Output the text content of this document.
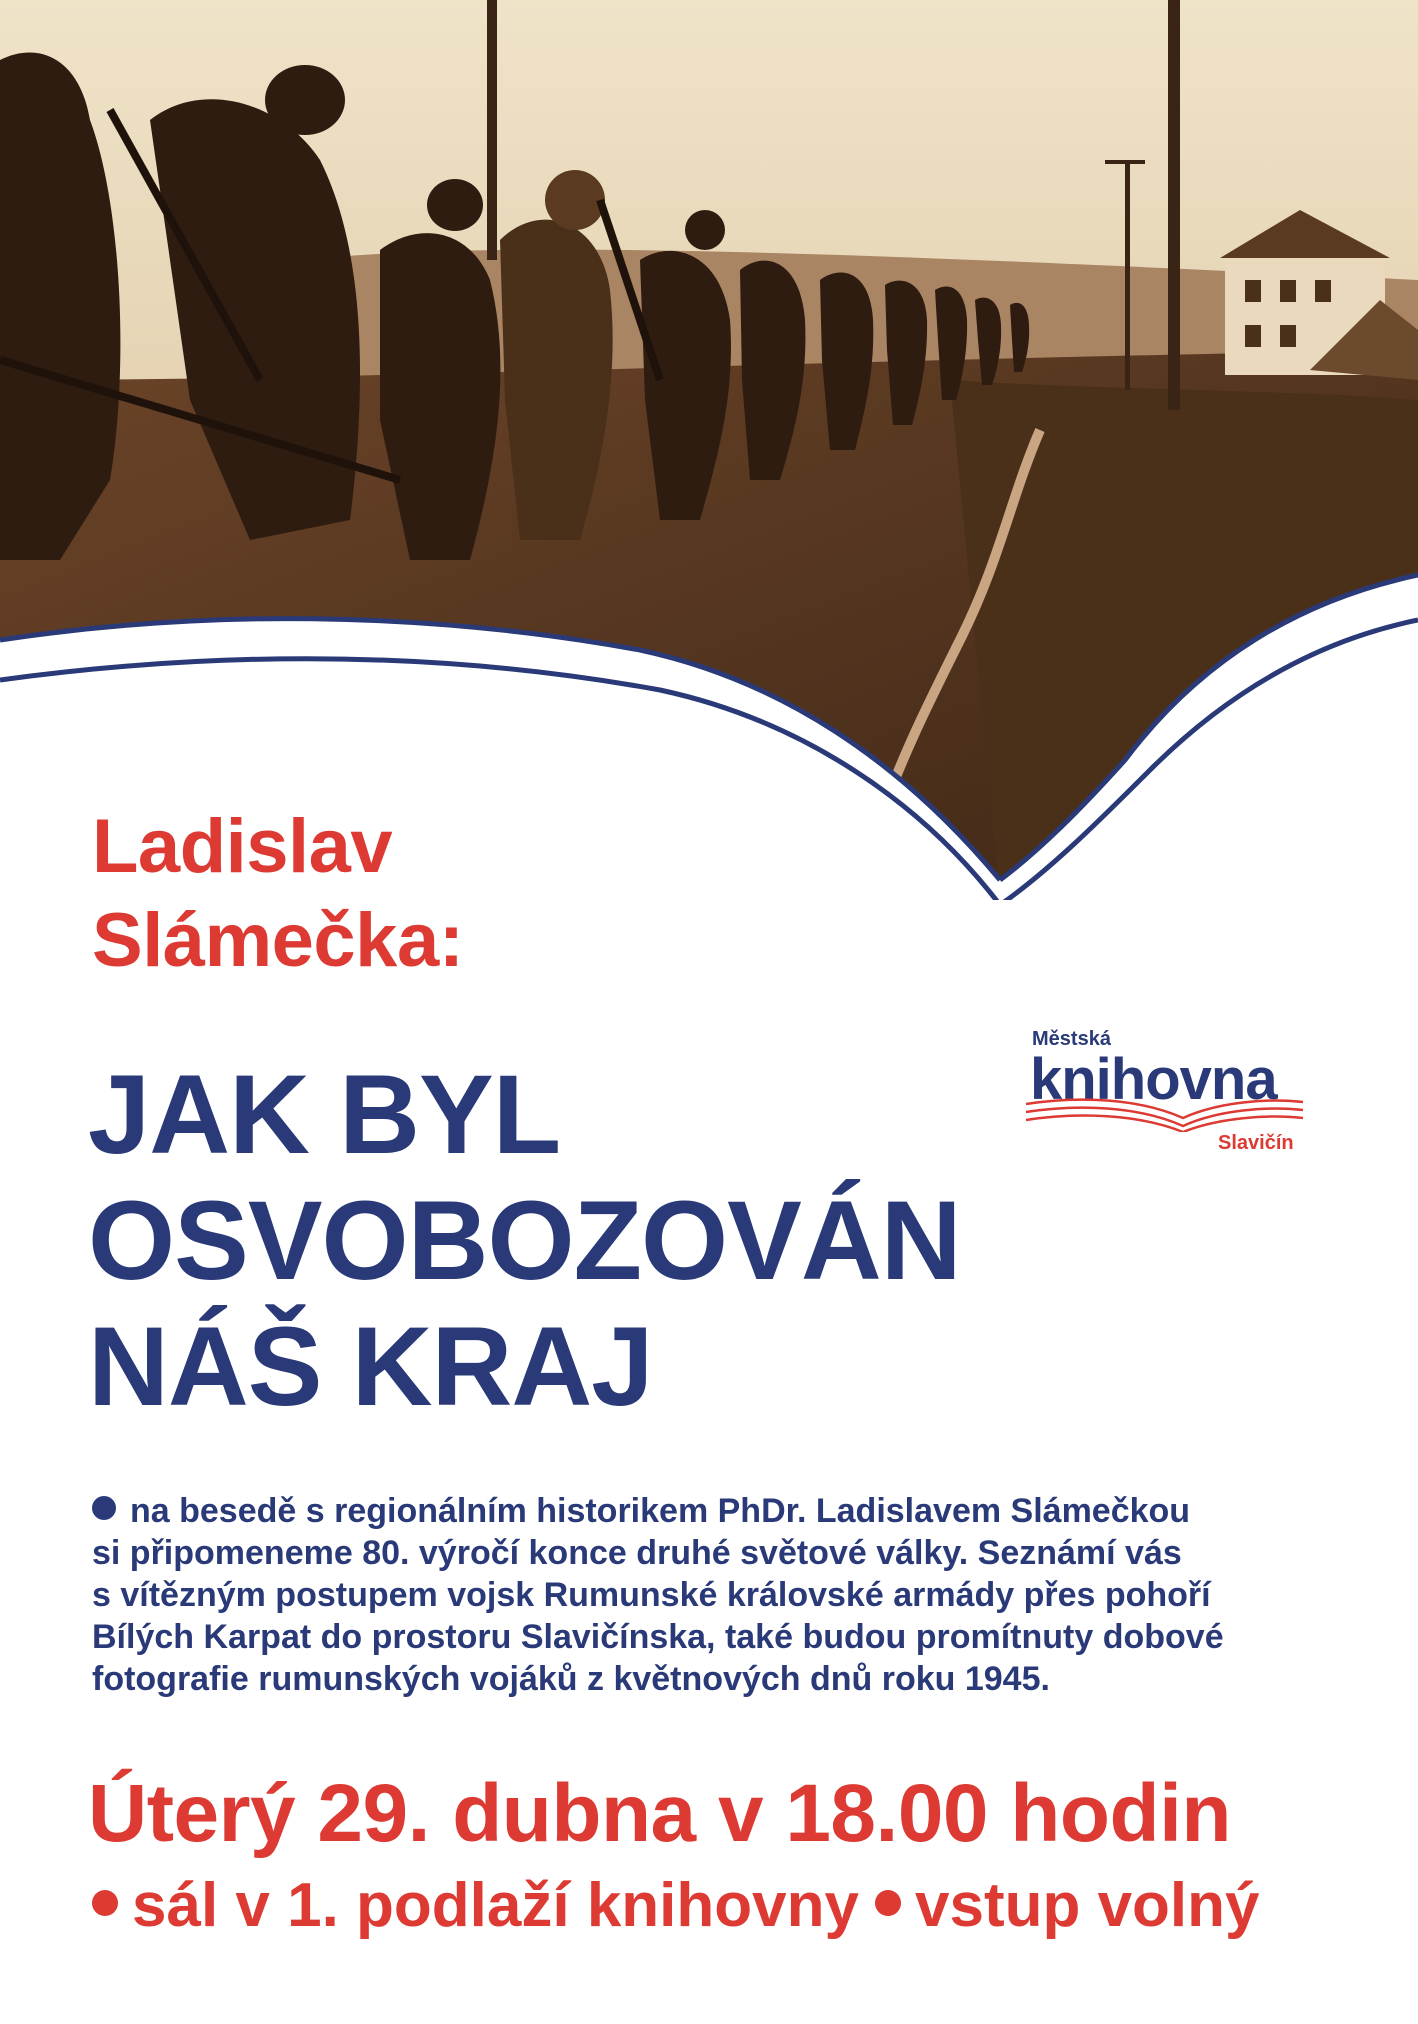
Ladislav
Slámečka:
Městská
knihovna
Slavičín
JAK BYL
OSVOBOZOVÁN
NÁŠ KRAJ
na besedě s regionálním historikem PhDr. Ladislavem Slámečkou
si připomeneme 80. výročí konce druhé světové války. Seznámí vás
s vítězným postupem vojsk Rumunské královské armády přes pohoří
Bílých Karpat do prostoru Slavičínska, také budou promítnuty dobové
fotografie rumunských vojáků z květnových dnů roku 1945.
Úterý 29. dubna v 18.00 hodin
sál v 1. podlaží knihovny vstup volný
